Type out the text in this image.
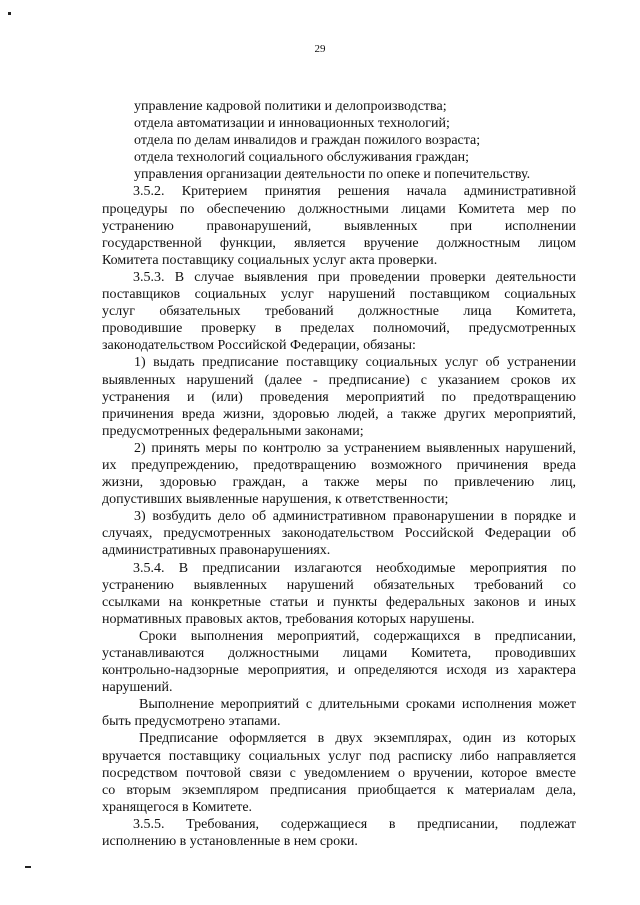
29
управление кадровой политики и делопроизводства;
отдела автоматизации и инновационных технологий;
отдела по делам инвалидов и граждан пожилого возраста;
отдела технологий социального обслуживания граждан;
управления организации деятельности по опеке и попечительству.
3.5.2. Критерием принятия решения начала административной
процедуры по обеспечению должностными лицами Комитета мер по
устранению правонарушений, выявленных при исполнении
государственной функции, является вручение должностным лицом
Комитета поставщику социальных услуг акта проверки.
3.5.3. В случае выявления при проведении проверки деятельности
поставщиков социальных услуг нарушений поставщиком социальных
услуг обязательных требований должностные лица Комитета,
проводившие проверку в пределах полномочий, предусмотренных
законодательством Российской Федерации, обязаны:
1) выдать предписание поставщику социальных услуг об устранении
выявленных нарушений (далее - предписание) с указанием сроков их
устранения и (или) проведения мероприятий по предотвращению
причинения вреда жизни, здоровью людей, а также других мероприятий,
предусмотренных федеральными законами;
2) принять меры по контролю за устранением выявленных нарушений,
их предупреждению, предотвращению возможного причинения вреда
жизни, здоровью граждан, а также меры по привлечению лиц,
допустивших выявленные нарушения, к ответственности;
3) возбудить дело об административном правонарушении в порядке и
случаях, предусмотренных законодательством Российской Федерации об
административных правонарушениях.
3.5.4. В предписании излагаются необходимые мероприятия по
устранению выявленных нарушений обязательных требований со
ссылками на конкретные статьи и пункты федеральных законов и иных
нормативных правовых актов, требования которых нарушены.
Сроки выполнения мероприятий, содержащихся в предписании,
устанавливаются должностными лицами Комитета, проводивших
контрольно-надзорные мероприятия, и определяются исходя из характера
нарушений.
Выполнение мероприятий с длительными сроками исполнения может
быть предусмотрено этапами.
Предписание оформляется в двух экземплярах, один из которых
вручается поставщику социальных услуг под расписку либо направляется
посредством почтовой связи с уведомлением о вручении, которое вместе
со вторым экземпляром предписания приобщается к материалам дела,
хранящегося в Комитете.
3.5.5. Требования, содержащиеся в предписании, подлежат
исполнению в установленные в нем сроки.
